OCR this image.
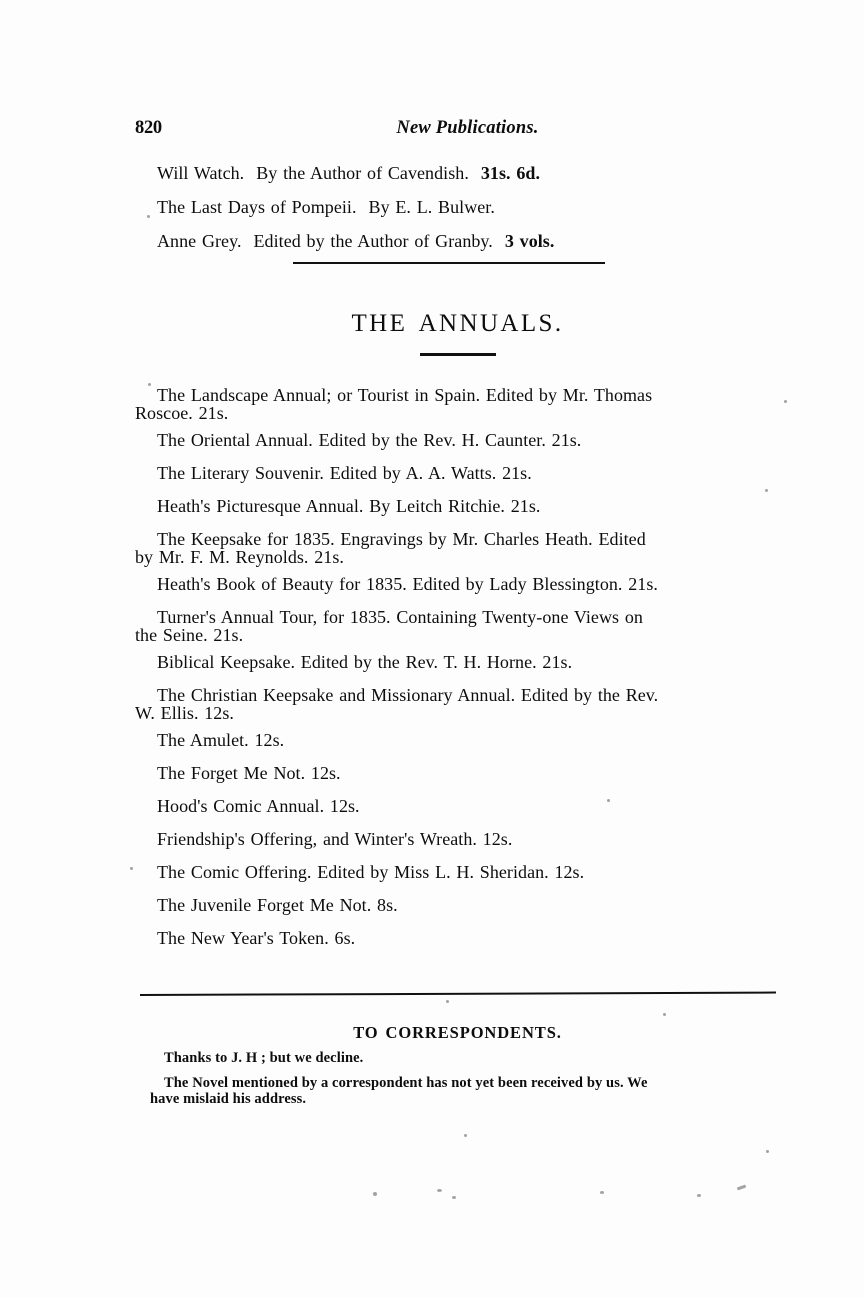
820	New Publications.

Will Watch. By the Author of Cavendish. 31s. 6d.

The Last Days of Pompeii. By E. L. Bulwer.

Anne Grey. Edited by the Author of Granby. 3 vols.

THE ANNUALS.

The Landscape Annual; or Tourist in Spain. Edited by Mr. Thomas
Roscoe. 21s.

The Oriental Annual. Edited by the Rev. H. Caunter. 21s.

The Literary Souvenir. Edited by A. A. Watts. 21s.

Heath's Picturesque Annual. By Leitch Ritchie. 21s.

The Keepsake for 1835. Engravings by Mr. Charles Heath. Edited
by Mr. F. M. Reynolds. 21s.

Heath's Book of Beauty for 1835. Edited by Lady Blessington. 21s.

Turner's Annual Tour, for 1835. Containing Twenty-one Views on
the Seine. 21s.

Biblical Keepsake. Edited by the Rev. T. H. Horne. 21s.

The Christian Keepsake and Missionary Annual. Edited by the Rev.
W. Ellis. 12s.

The Amulet. 12s.

The Forget Me Not. 12s.

Hood's Comic Annual. 12s.

Friendship's Offering, and Winter's Wreath. 12s.

The Comic Offering. Edited by Miss L. H. Sheridan. 12s.

The Juvenile Forget Me Not. 8s.

The New Year's Token. 6s.

TO CORRESPONDENTS.

Thanks to J. H ; but we decline.

The Novel mentioned by a correspondent has not yet been received by us. We
have mislaid his address.
